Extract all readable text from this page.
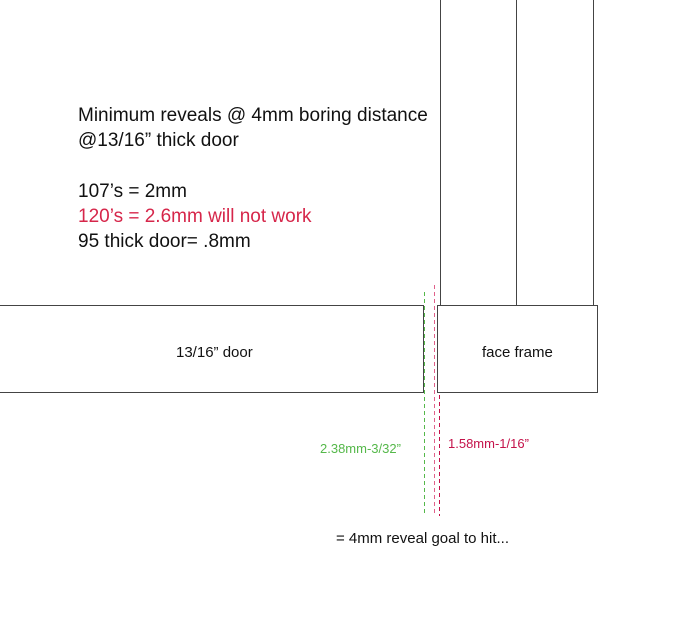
Minimum reveals @ 4mm boring distance
@13/16” thick door
107’s = 2mm
120’s = 2.6mm will not work
95 thick door= .8mm
13/16” door	face frame
2.38mm-3/32”	1.58mm-1/16”
= 4mm reveal goal to hit...
